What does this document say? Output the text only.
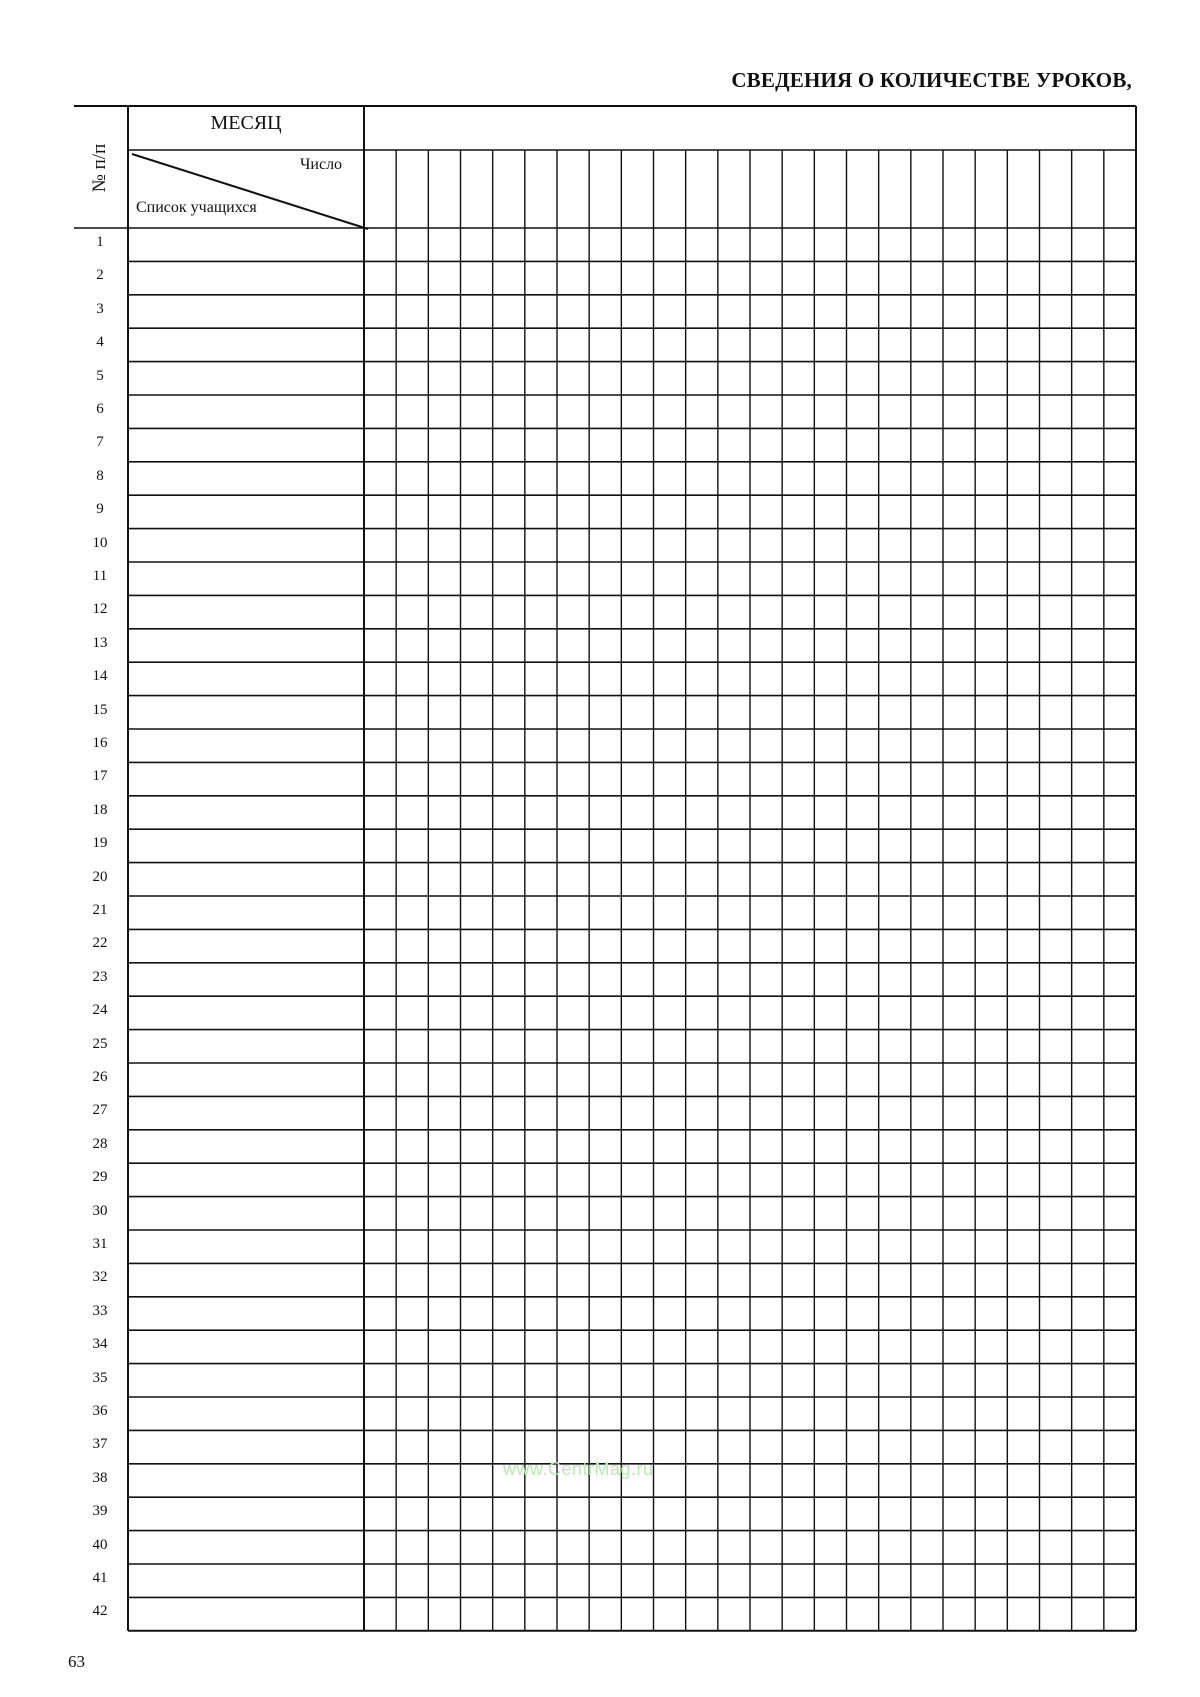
СВЕДЕНИЯ О КОЛИЧЕСТВЕ УРОКОВ,
№ п/п
МЕСЯЦ
Число
Список учащихся
1
2
3
4
5
6
7
8
9
10
11
12
13
14
15
16
17
18
19
20
21
22
23
24
25
26
27
28
29
30
31
32
33
34
35
36
37
38
39
40
41
42
www.CentrMag.ru
63
